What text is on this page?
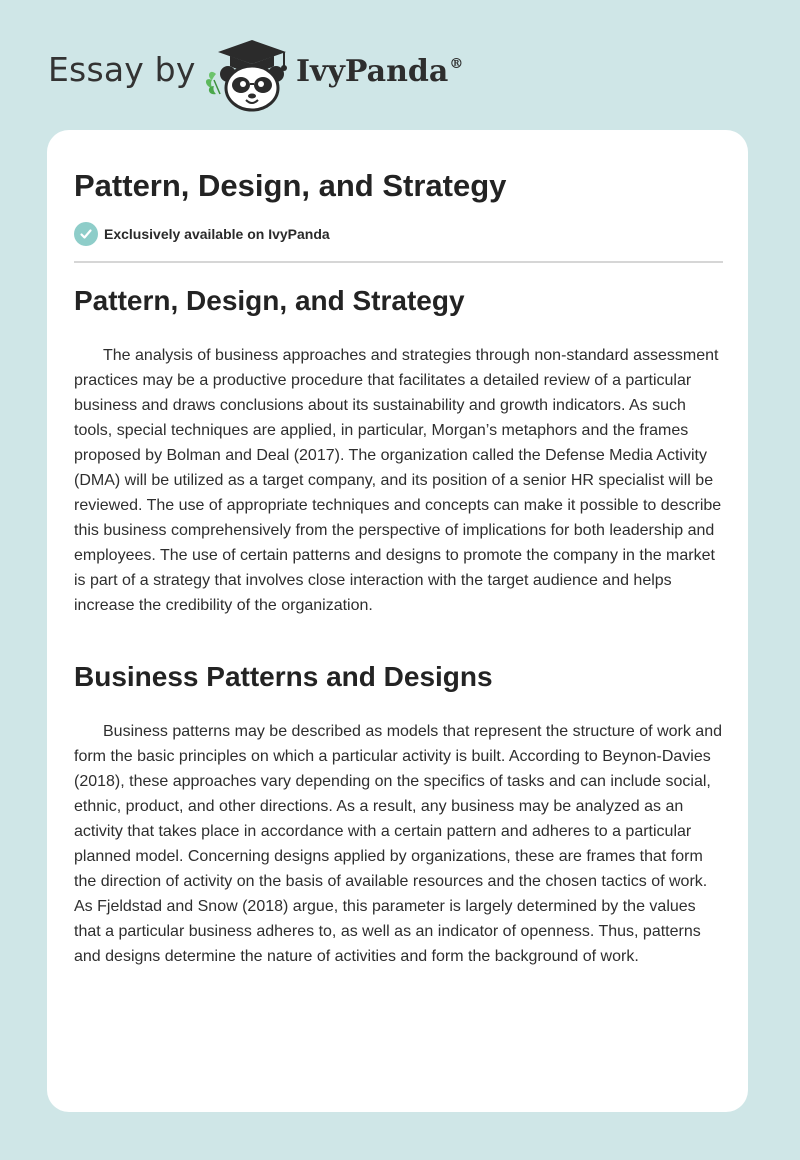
Essay by	IvyPanda®
Pattern, Design, and Strategy
Exclusively available on IvyPanda
Pattern, Design, and Strategy

The analysis of business approaches and strategies through non-standard assessment practices may be a productive procedure that facilitates a detailed review of a particular business and draws conclusions about its sustainability and growth indicators. As such tools, special techniques are applied, in particular, Morgan’s metaphors and the frames proposed by Bolman and Deal (2017). The organization called the Defense Media Activity (DMA) will be utilized as a target company, and its position of a senior HR specialist will be reviewed. The use of appropriate techniques and concepts can make it possible to describe this business comprehensively from the perspective of implications for both leadership and employees. The use of certain patterns and designs to promote the company in the market is part of a strategy that involves close interaction with the target audience and helps increase the credibility of the organization.

Business Patterns and Designs

Business patterns may be described as models that represent the structure of work and form the basic principles on which a particular activity is built. According to Beynon-Davies (2018), these approaches vary depending on the specifics of tasks and can include social, ethnic, product, and other directions. As a result, any business may be analyzed as an activity that takes place in accordance with a certain pattern and adheres to a particular planned model. Concerning designs applied by organizations, these are frames that form the direction of activity on the basis of available resources and the chosen tactics of work. As Fjeldstad and Snow (2018) argue, this parameter is largely determined by the values that a particular business adheres to, as well as an indicator of openness. Thus, patterns and designs determine the nature of activities and form the background of work.
